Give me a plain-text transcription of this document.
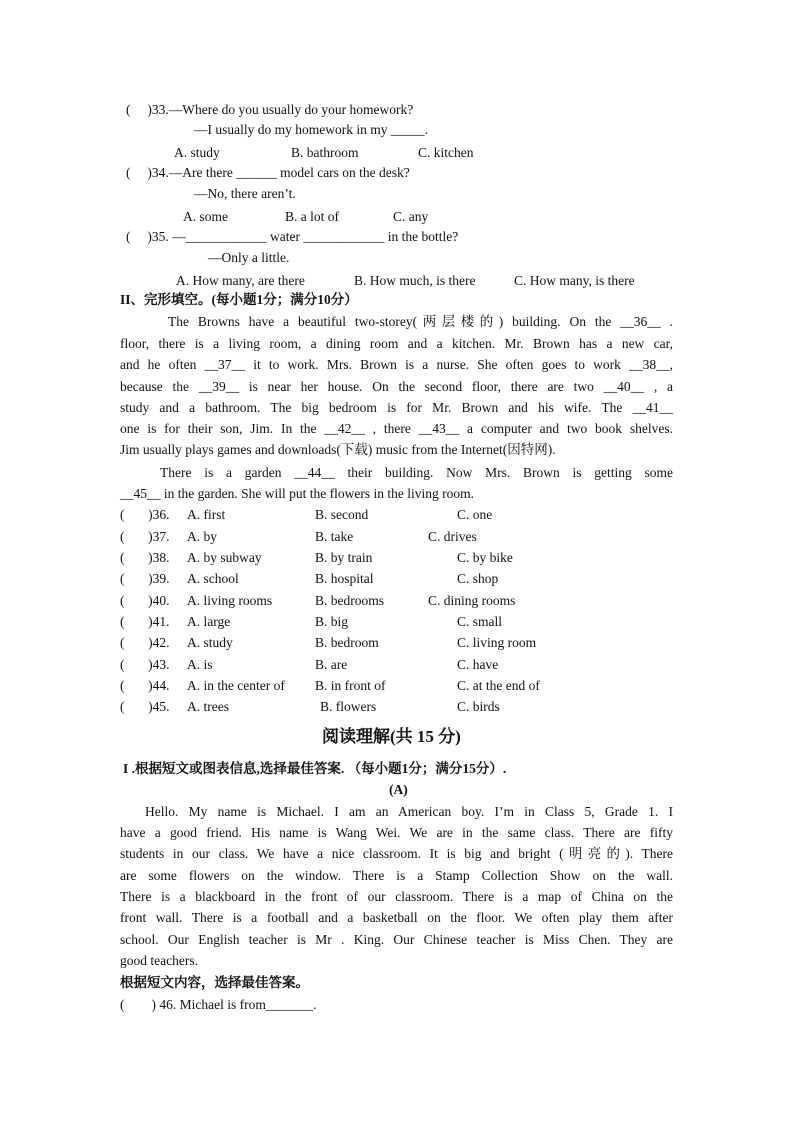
(     )33.—Where do you usually do your homework?
—I usually do my homework in my _____.
A. study	B. bathroom	C. kitchen
(     )34.—Are there ______ model cars on the desk?
—No, there aren’t.
A. some	B. a lot of	C. any
(     )35. —____________ water ____________ in the bottle?
—Only a little.
A. How many, are there	B. How much, is there	C. How many, is there
II、完形填空。(每小题1分；满分10分）
The Browns have a beautiful two-storey(两层楼的) building. On the __36__ .
floor, there is a living room, a dining room and a kitchen. Mr. Brown has a new car,
and he often __37__ it to work. Mrs. Brown is a nurse. She often goes to work __38__,
because the __39__ is near her house. On the second floor, there are two __40__ , a
study and a bathroom. The big bedroom is for Mr. Brown and his wife. The __41__
one is for their son, Jim. In the __42__ , there __43__ a computer and two book shelves.
Jim usually plays games and downloads(下载) music from the Internet(因特网).
There is a garden __44__ their building. Now Mrs. Brown is getting some
__45__ in the garden. She will put the flowers in the living room.
(       )36. A. first	B. second	C. one
(       )37. A. by	B. take	C. drives
(       )38. A. by subway	B. by train	C. by bike
(       )39. A. school	B. hospital	C. shop
(       )40. A. living rooms	B. bedrooms	C. dining rooms
(       )41. A. large	B. big	C. small
(       )42. A. study	B. bedroom	C. living room
(       )43. A. is	B. are	C. have
(       )44. A. in the center of B. in front of	C. at the end of
(       )45. A. trees	B. flowers	C. birds
阅读理解(共 15 分)
I .根据短文或图表信息,选择最佳答案. （每小题1分；满分15分）.
(A)
Hello. My name is Michael. I am an American boy. I’m in Class 5, Grade 1. I
have a good friend. His name is Wang Wei. We are in the same class. There are fifty
students in our class. We have a nice classroom. It is big and bright (明亮的). There
are some flowers on the window. There is a Stamp Collection Show on the wall.
There is a blackboard in the front of our classroom. There is a map of China on the
front wall. There is a football and a basketball on the floor. We often play them after
school. Our English teacher is Mr . King. Our Chinese teacher is Miss Chen. They are
good teachers.
根据短文内容，选择最佳答案。
(        ) 46. Michael is from_______.
